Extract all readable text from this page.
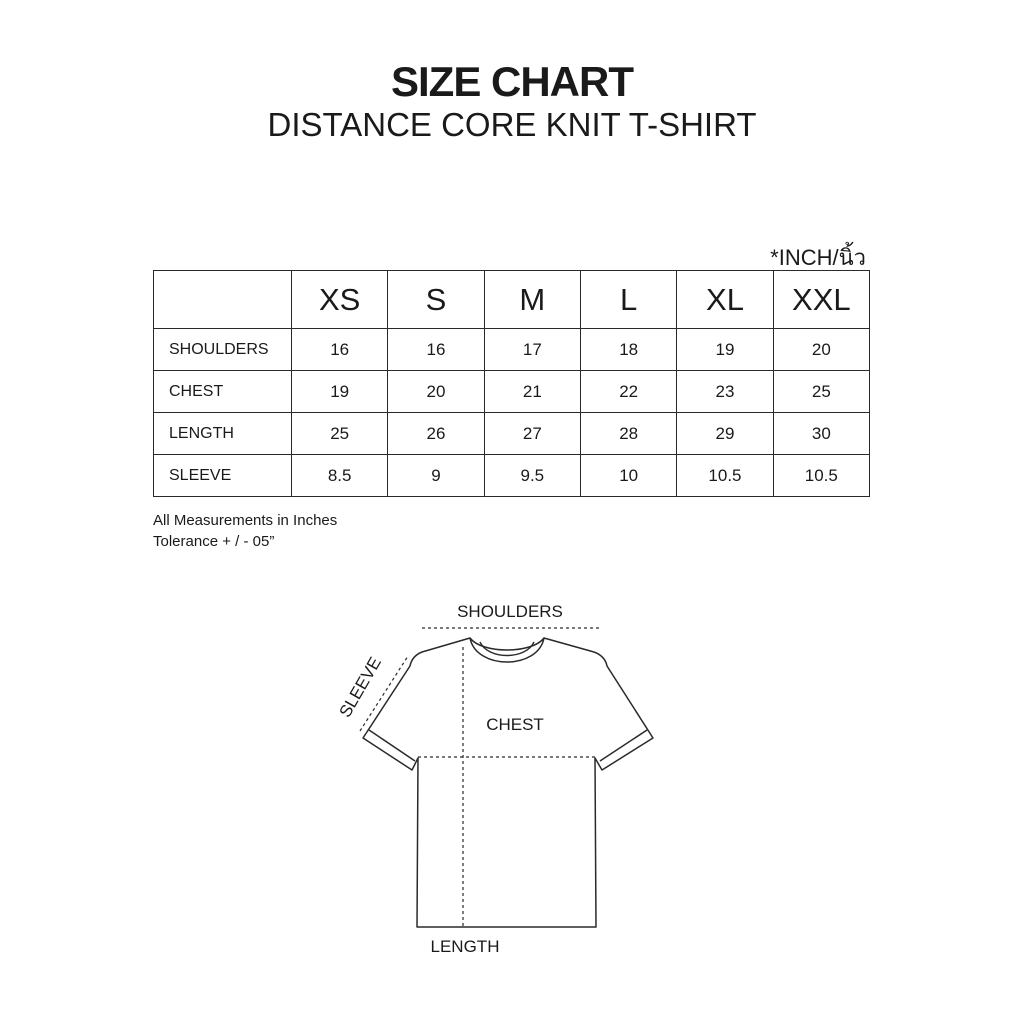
SIZE CHART
DISTANCE CORE KNIT T-SHIRT
*INCH/นิ้ว
	XS	S	M	L	XL	XXL
SHOULDERS	16	16	17	18	19	20
CHEST	19	20	21	22	23	25
LENGTH	25	26	27	28	29	30
SLEEVE	8.5	9	9.5	10	10.5	10.5
All Measurements in Inches
Tolerance + / - 05”
SHOULDERS
CHEST
SLEEVE
LENGTH
